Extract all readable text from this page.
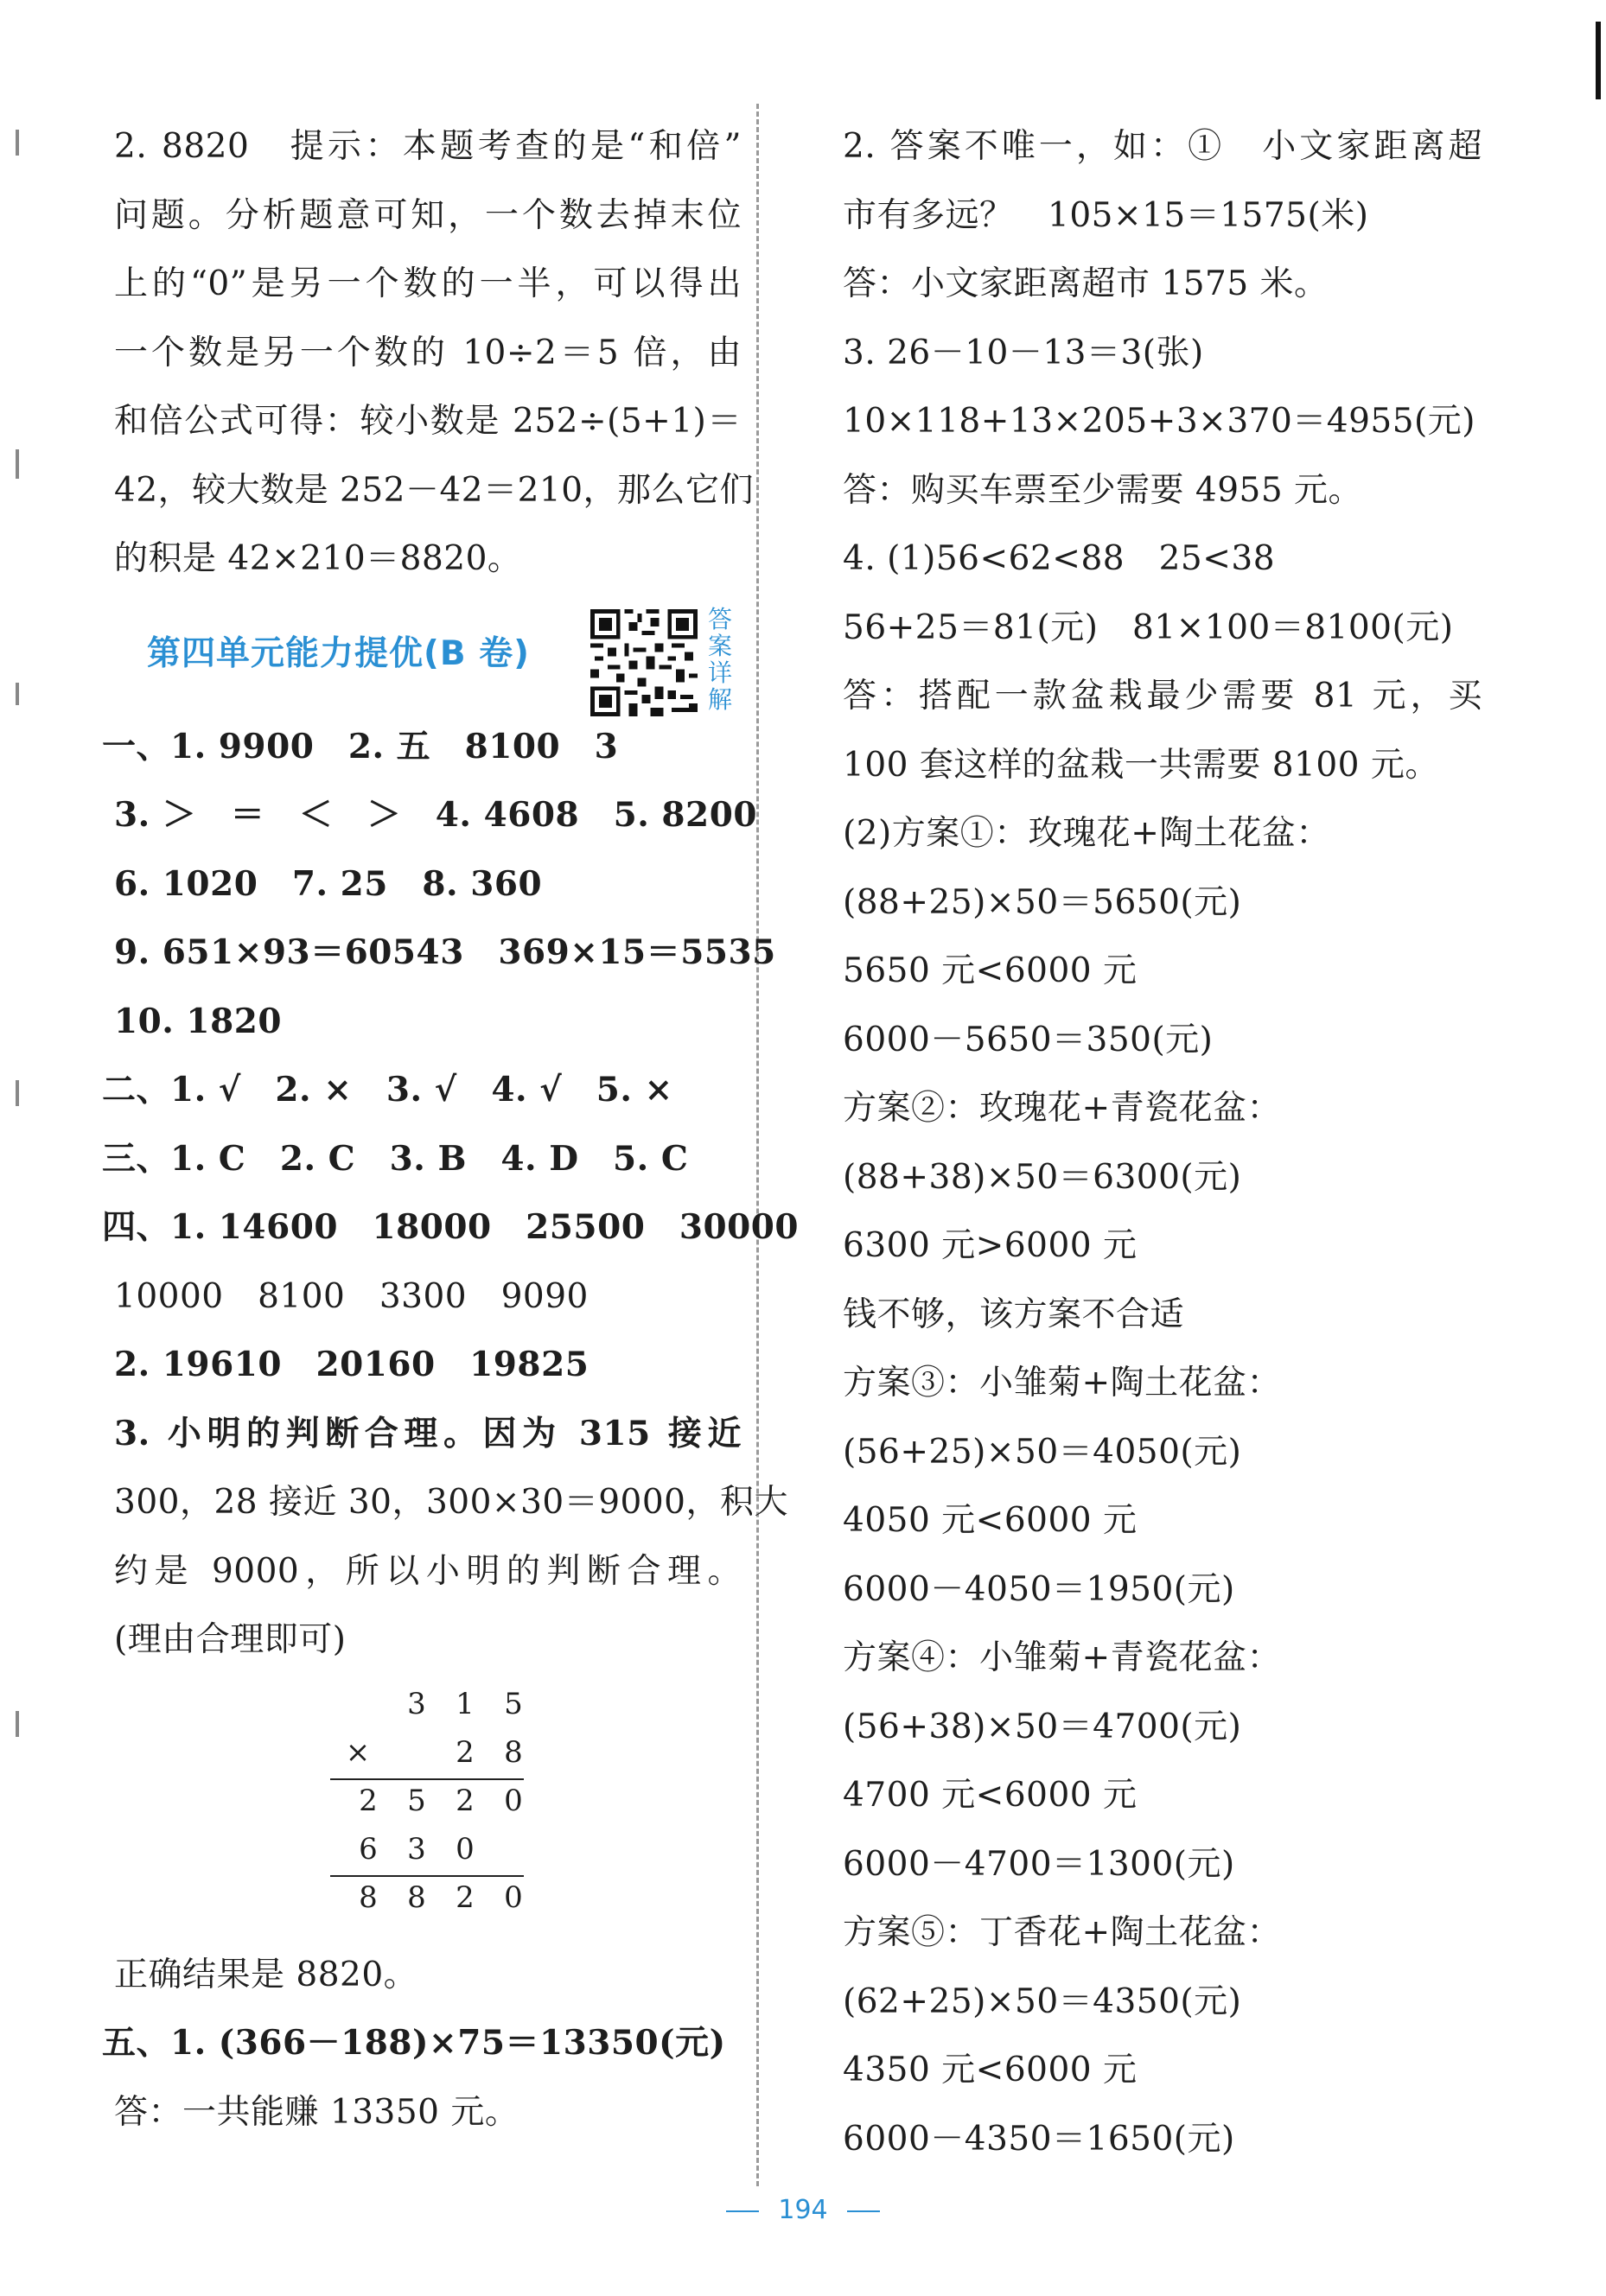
2. 8820　提示：本题考查的是“和倍”
问题。分析题意可知，一个数去掉末位
上的“0”是另一个数的一半，可以得出
一个数是另一个数的 10÷2＝5 倍，由
和倍公式可得：较小数是 252÷(5+1)＝
42，较大数是 252－42＝210，那么它们
的积是 42×210＝8820。
第四单元能力提优(B 卷)
答案详解
一、1. 9900　2. 五　8100　3
3. ＞　＝　＜　＞　4. 4608　5. 8200
6. 1020　7. 25　8. 360
9. 651×93＝60543　369×15＝5535
10. 1820
二、1. √　2. ×　3. √　4. √　5. ×
三、1. C　2. C　3. B　4. D　5. C
四、1. 14600　18000　25500　30000
10000　8100　3300　9090
2. 19610　20160　19825
3. 小明的判断合理。因为 315 接近
300，28 接近 30，300×30＝9000，积大
约是 9000，所以小明的判断合理。
(理由合理即可)
3	1	5
×	2	8
2	5	2	0
6	3	0
8	8	2	0
正确结果是 8820。
五、1. (366－188)×75＝13350(元)
答：一共能赚 13350 元。
2. 答案不唯一，如：①　小文家距离超
市有多远？　105×15＝1575(米)
答：小文家距离超市 1575 米。
3. 26－10－13＝3(张)
10×118+13×205+3×370＝4955(元)
答：购买车票至少需要 4955 元。
4. (1)56<62<88　25<38
56+25＝81(元)　81×100＝8100(元)
答：搭配一款盆栽最少需要 81 元，买
100 套这样的盆栽一共需要 8100 元。
(2)方案①：玫瑰花+陶土花盆：
(88+25)×50＝5650(元)
5650 元<6000 元
6000－5650＝350(元)
方案②：玫瑰花+青瓷花盆：
(88+38)×50＝6300(元)
6300 元>6000 元
钱不够，该方案不合适
方案③：小雏菊+陶土花盆：
(56+25)×50＝4050(元)
4050 元<6000 元
6000－4050＝1950(元)
方案④：小雏菊+青瓷花盆：
(56+38)×50＝4700(元)
4700 元<6000 元
6000－4700＝1300(元)
方案⑤：丁香花+陶土花盆：
(62+25)×50＝4350(元)
4350 元<6000 元
6000－4350＝1650(元)
194
